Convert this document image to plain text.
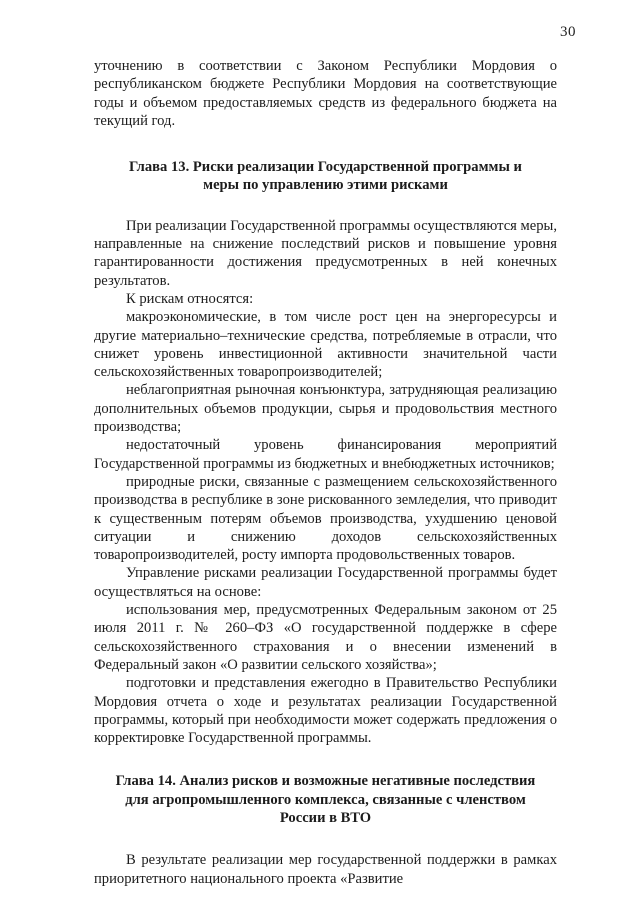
30

уточнению в соответствии с Законом Республики Мордовия о республиканском бюджете Республики Мордовия на соответствующие годы и объемом предоставляемых средств из федерального бюджета на текущий год.

Глава 13. Риски реализации Государственной программы и меры по управлению этими рисками

При реализации Государственной программы осуществляются меры, направленные на снижение последствий рисков и повышение уровня гарантированности достижения предусмотренных в ней конечных результатов.

К рискам относятся:

макроэкономические, в том числе рост цен на энергоресурсы и другие материально–технические средства, потребляемые в отрасли, что снижет уровень инвестиционной активности значительной части сельскохозяйственных товаропроизводителей;

неблагоприятная рыночная конъюнктура, затрудняющая реализацию дополнительных объемов продукции, сырья и продовольствия местного производства;

недостаточный уровень финансирования мероприятий Государственной программы из бюджетных и внебюджетных источников;

природные риски, связанные с размещением сельскохозяйственного производства в республике в зоне рискованного земледелия, что приводит к существенным потерям объемов производства, ухудшению ценовой ситуации и снижению доходов сельскохозяйственных товаропроизводителей, росту импорта продовольственных товаров.

Управление рисками реализации Государственной программы будет осуществляться на основе:

использования мер, предусмотренных Федеральным законом от 25 июля 2011 г. № 260–ФЗ «О государственной поддержке в сфере сельскохозяйственного страхования и о внесении изменений в Федеральный закон «О развитии сельского хозяйства»;

подготовки и представления ежегодно в Правительство Республики Мордовия отчета о ходе и результатах реализации Государственной программы, который при необходимости может содержать предложения о корректировке Государственной программы.

Глава 14. Анализ рисков и возможные негативные последствия для агропромышленного комплекса, связанные с членством России в ВТО

В результате реализации мер государственной поддержки в рамках приоритетного национального проекта «Развитие
